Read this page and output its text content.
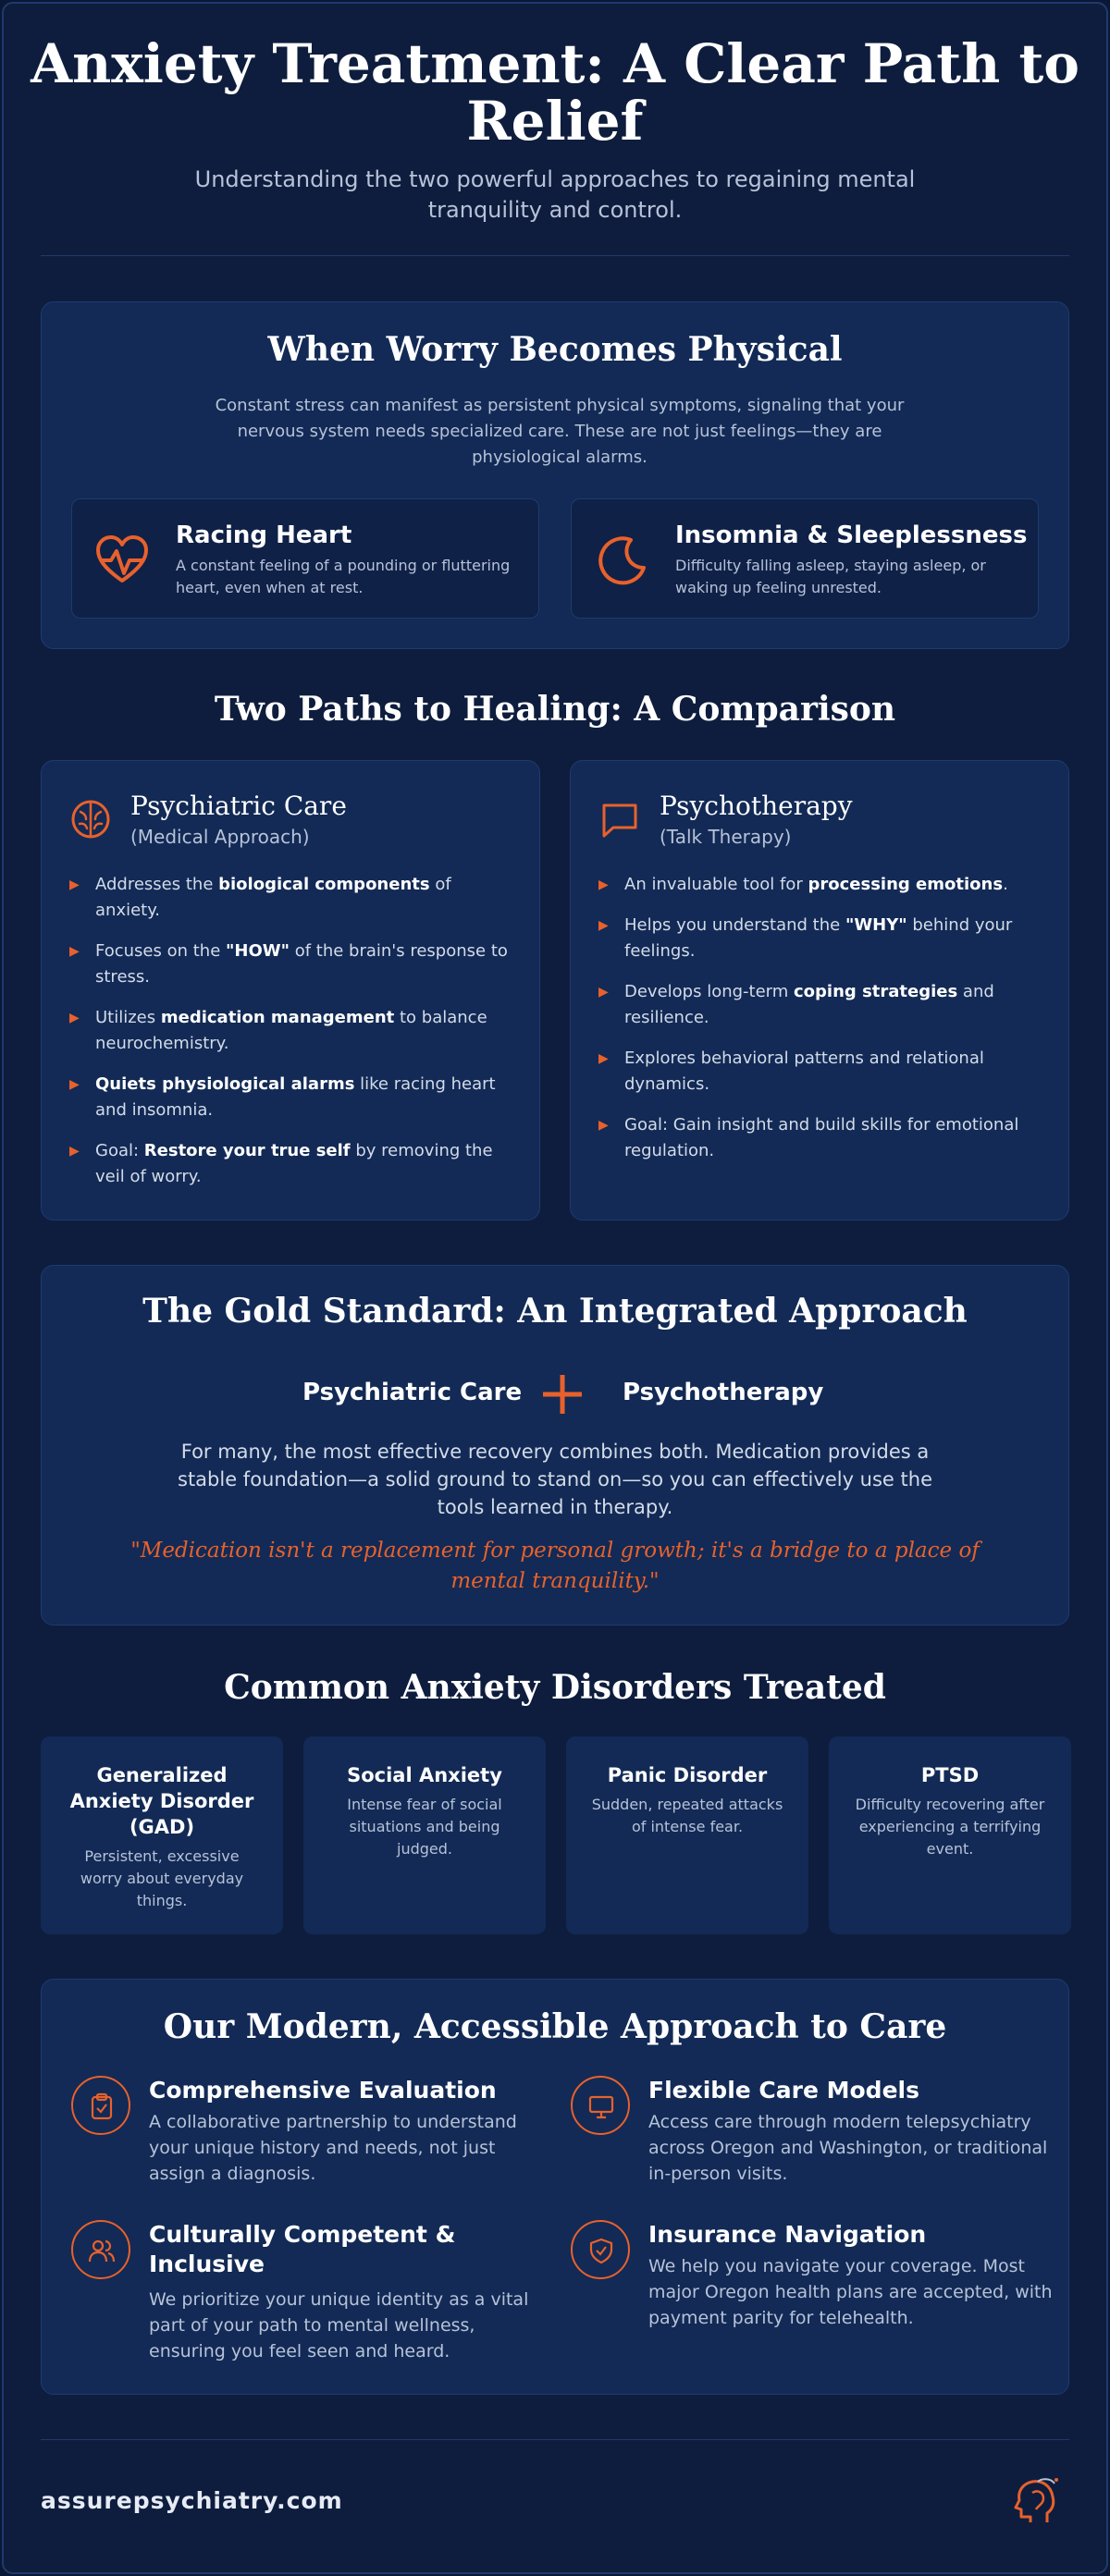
Anxiety Treatment: A Clear Path to Relief

Understanding the two powerful approaches to regaining mental tranquility and control.

When Worry Becomes Physical

Constant stress can manifest as persistent physical symptoms, signaling that your nervous system needs specialized care. These are not just feelings—they are physiological alarms.

Racing Heart

A constant feeling of a pounding or fluttering heart, even when at rest.

Insomnia & Sleeplessness

Difficulty falling asleep, staying asleep, or waking up feeling unrested.

Two Paths to Healing: A Comparison
Psychiatric Care
(Medical Approach)
▶ Addresses the biological components of anxiety.
▶ Focuses on the "HOW" of the brain's response to stress.
▶ Utilizes medication management to balance neurochemistry.
▶ Quiets physiological alarms like racing heart and insomnia.
▶ Goal: Restore your true self by removing the veil of worry.
Psychotherapy
(Talk Therapy)
▶ An invaluable tool for processing emotions.
▶ Helps you understand the "WHY" behind your feelings.
▶ Develops long-term coping strategies and resilience.
▶ Explores behavioral patterns and relational dynamics.
▶ Goal: Gain insight and build skills for emotional regulation.
The Gold Standard: An Integrated Approach
Psychiatric Care	Psychotherapy

For many, the most effective recovery combines both. Medication provides a stable foundation—a solid ground to stand on—so you can effectively use the tools learned in therapy.

"Medication isn't a replacement for personal growth; it's a bridge to a place of mental tranquility."

Common Anxiety Disorders Treated
Generalized Anxiety Disorder (GAD)

Persistent, excessive worry about everyday things.

Social Anxiety

Intense fear of social situations and being judged.

Panic Disorder

Sudden, repeated attacks of intense fear.

PTSD

Difficulty recovering after experiencing a terrifying event.

Our Modern, Accessible Approach to Care
Comprehensive Evaluation

A collaborative partnership to understand your unique history and needs, not just assign a diagnosis.

Flexible Care Models

Access care through modern telepsychiatry across Oregon and Washington, or traditional in-person visits.

Culturally Competent & Inclusive

We prioritize your unique identity as a vital part of your path to mental wellness, ensuring you feel seen and heard.

Insurance Navigation

We help you navigate your coverage. Most major Oregon health plans are accepted, with payment parity for telehealth.

assurepsychiatry.com
